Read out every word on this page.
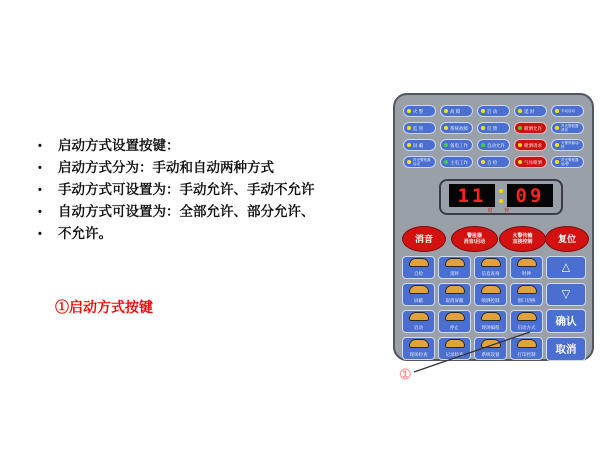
• 启动方式设置按键：
• 启动方式分为：手动和自动两种方式
• 手动方式可设置为：手动允许、手动不允许
• 自动方式可设置为：全部允许、部分允许、
• 不允许。
①启动方式按键
火 警	故 障	启 动	延 时	手动启动
监 管	系统故障	反 馈	喷洒允许	声光警报器消音
屏 蔽	备电工作	自动允许	喷洒请求	火警传输启/停
声光警报器启动	主电工作	自 检	气体喷洒	声光警报器启/停
11 09
时 钟
消音	警报器
消音/启动
火警传输
直接控制	复位
自检	延时	信息查询	时钟
屏蔽	取消屏蔽	喷洒控制	窗口切换
启动	停止	现场编程	启动方式
现场检查	记录检查	系统设置	打印控制
△
▽
确认
取消
①
